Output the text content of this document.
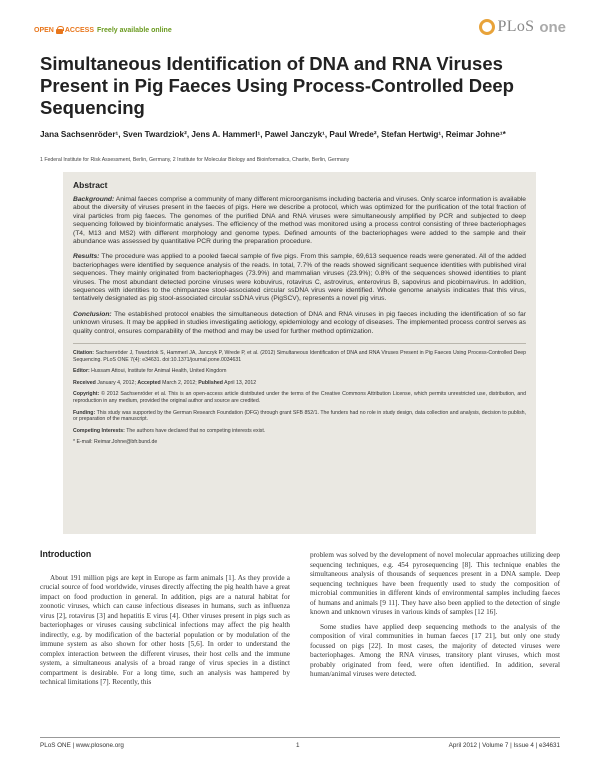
OPEN ACCESS Freely available online	PLoS one
Simultaneous Identification of DNA and RNA Viruses Present in Pig Faeces Using Process-Controlled Deep Sequencing
Jana Sachsenröder¹, Sven Twardziok², Jens A. Hammerl¹, Pawel Janczyk¹, Paul Wrede², Stefan Hertwig¹, Reimar Johne¹*
1 Federal Institute for Risk Assessment, Berlin, Germany, 2 Institute for Molecular Biology and Bioinformatics, Charite, Berlin, Germany
Abstract

Background: Animal faeces comprise a community of many different microorganisms including bacteria and viruses. Only scarce information is available about the diversity of viruses present in the faeces of pigs. Here we describe a protocol, which was optimized for the purification of the total fraction of viral particles from pig faeces. The genomes of the purified DNA and RNA viruses were simultaneously amplified by PCR and subjected to deep sequencing followed by bioinformatic analyses. The efficiency of the method was monitored using a process control consisting of three bacteriophages (T4, M13 and MS2) with different morphology and genome types. Defined amounts of the bacteriophages were added to the sample and their abundance was assessed by quantitative PCR during the preparation procedure.

Results: The procedure was applied to a pooled faecal sample of five pigs. From this sample, 69,613 sequence reads were generated. All of the added bacteriophages were identified by sequence analysis of the reads. In total, 7.7% of the reads showed significant sequence identities with published viral sequences. They mainly originated from bacteriophages (73.9%) and mammalian viruses (23.9%); 0.8% of the sequences showed identities to plant viruses. The most abundant detected porcine viruses were kobuvirus, rotavirus C, astrovirus, enterovirus B, sapovirus and picobirnavirus. In addition, sequences with identities to the chimpanzee stool-associated circular ssDNA virus were identified. Whole genome analysis indicates that this virus, tentatively designated as pig stool-associated circular ssDNA virus (PigSCV), represents a novel pig virus.

Conclusion: The established protocol enables the simultaneous detection of DNA and RNA viruses in pig faeces including the identification of so far unknown viruses. It may be applied in studies investigating aetiology, epidemiology and ecology of diseases. The implemented process control serves as quality control, ensures comparability of the method and may be used for further method optimization.

Citation: Sachsenröder J, Twardziok S, Hammerl JA, Janczyk P, Wrede P, et al. (2012) Simultaneous Identification of DNA and RNA Viruses Present in Pig Faeces Using Process-Controlled Deep Sequencing. PLoS ONE 7(4): e34631. doi:10.1371/journal.pone.0034631

Editor: Hussam Attoui, Institute for Animal Health, United Kingdom

Received January 4, 2012; Accepted March 2, 2012; Published April 13, 2012

Copyright: © 2012 Sachsenröder et al. This is an open-access article distributed under the terms of the Creative Commons Attribution License, which permits unrestricted use, distribution, and reproduction in any medium, provided the original author and source are credited.

Funding: This study was supported by the German Research Foundation (DFG) through grant SFB 852/1. The funders had no role in study design, data collection and analysis, decision to publish, or preparation of the manuscript.

Competing Interests: The authors have declared that no competing interests exist.

* E-mail: Reimar.Johne@bfr.bund.de

Introduction

About 191 million pigs are kept in Europe as farm animals [1]. As they provide a crucial source of food worldwide, viruses directly affecting the pig health have a great impact on food production in general. In addition, pigs are a natural habitat for zoonotic viruses, which can cause infectious diseases in humans, such as influenza virus [2], rotavirus [3] and hepatitis E virus [4]. Other viruses present in pigs such as bacteriophages or viruses causing subclinical infections may affect the pig health indirectly, e.g. by modification of the bacterial population or by modulation of the immune system as also shown for other hosts [5,6]. In order to understand the complex interaction between the different viruses, their host cells and the immune system, a simultaneous analysis of a broad range of virus species in a distinct compartment is desirable. For a long time, such an analysis was hampered by technical limitations [7]. Recently, this

problem was solved by the development of novel molecular approaches utilizing deep sequencing techniques, e.g. 454 pyrosequencing [8]. This technique enables the simultaneous analysis of thousands of sequences present in a DNA sample. Deep sequencing techniques have been frequently used to study the composition of microbial communities in different kinds of environmental samples including faeces of humans and animals [9 11]. They have also been applied to the detection of single known and unknown viruses in various kinds of samples [12 16].

Some studies have applied deep sequencing methods to the analysis of the composition of viral communities in human faeces [17 21], but only one study focussed on pigs [22]. In most cases, the majority of detected viruses were bacteriophages. Among the RNA viruses, transitory plant viruses, which most probably originated from feed, were often identified. In addition, several human/animal viruses were detected.

PLoS ONE | www.plosone.org	1	April 2012 | Volume 7 | Issue 4 | e34631
